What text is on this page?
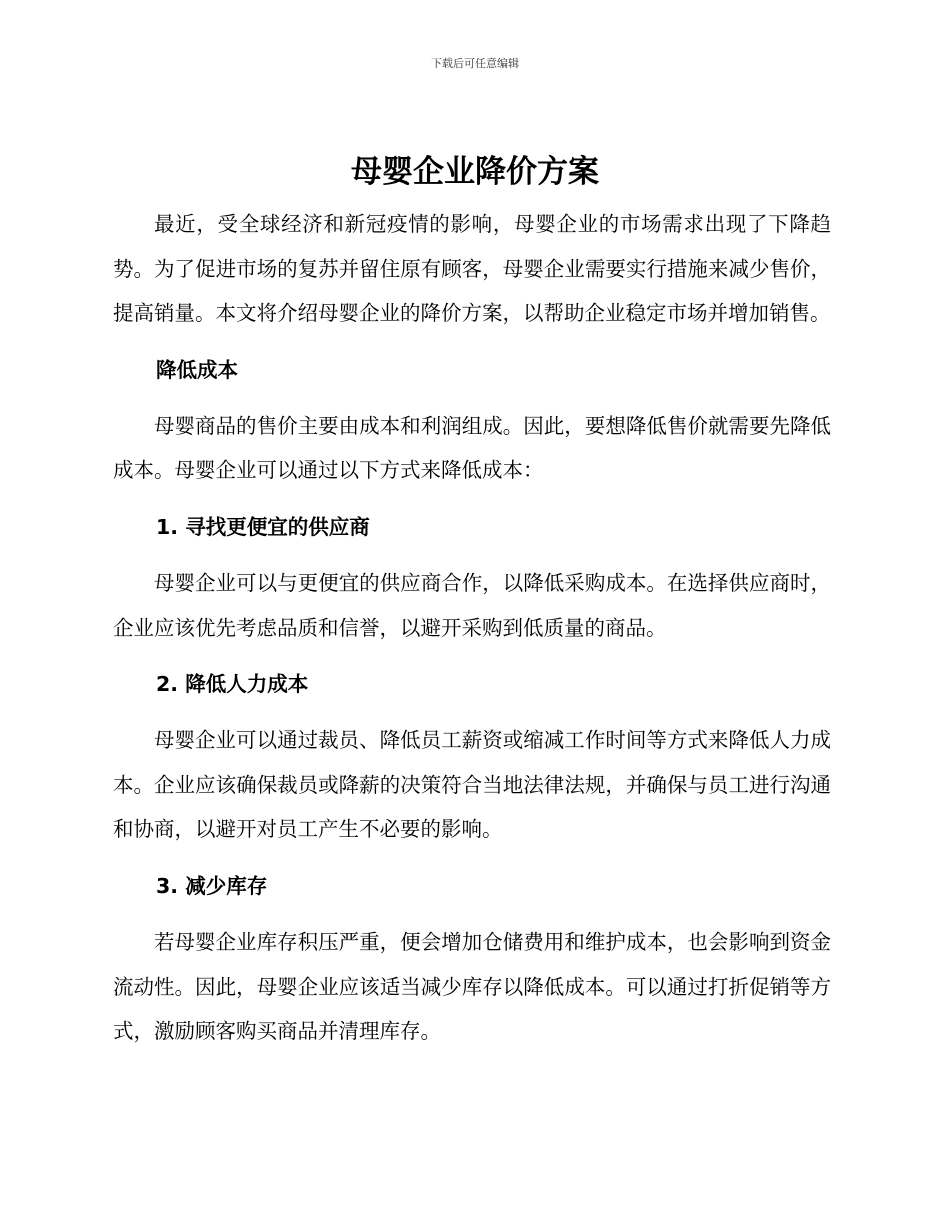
下载后可任意编辑
母婴企业降价方案

最近，受全球经济和新冠疫情的影响，母婴企业的市场需求出现了下降趋势。为了促进市场的复苏并留住原有顾客，母婴企业需要实行措施来减少售价，提高销量。本文将介绍母婴企业的降价方案，以帮助企业稳定市场并增加销售。

降低成本

母婴商品的售价主要由成本和利润组成。因此，要想降低售价就需要先降低成本。母婴企业可以通过以下方式来降低成本：

1. 寻找更便宜的供应商

母婴企业可以与更便宜的供应商合作，以降低采购成本。在选择供应商时，企业应该优先考虑品质和信誉，以避开采购到低质量的商品。

2. 降低人力成本

母婴企业可以通过裁员、降低员工薪资或缩减工作时间等方式来降低人力成本。企业应该确保裁员或降薪的决策符合当地法律法规，并确保与员工进行沟通和协商，以避开对员工产生不必要的影响。

3. 减少库存

若母婴企业库存积压严重，便会增加仓储费用和维护成本，也会影响到资金流动性。因此，母婴企业应该适当减少库存以降低成本。可以通过打折促销等方式，激励顾客购买商品并清理库存。
